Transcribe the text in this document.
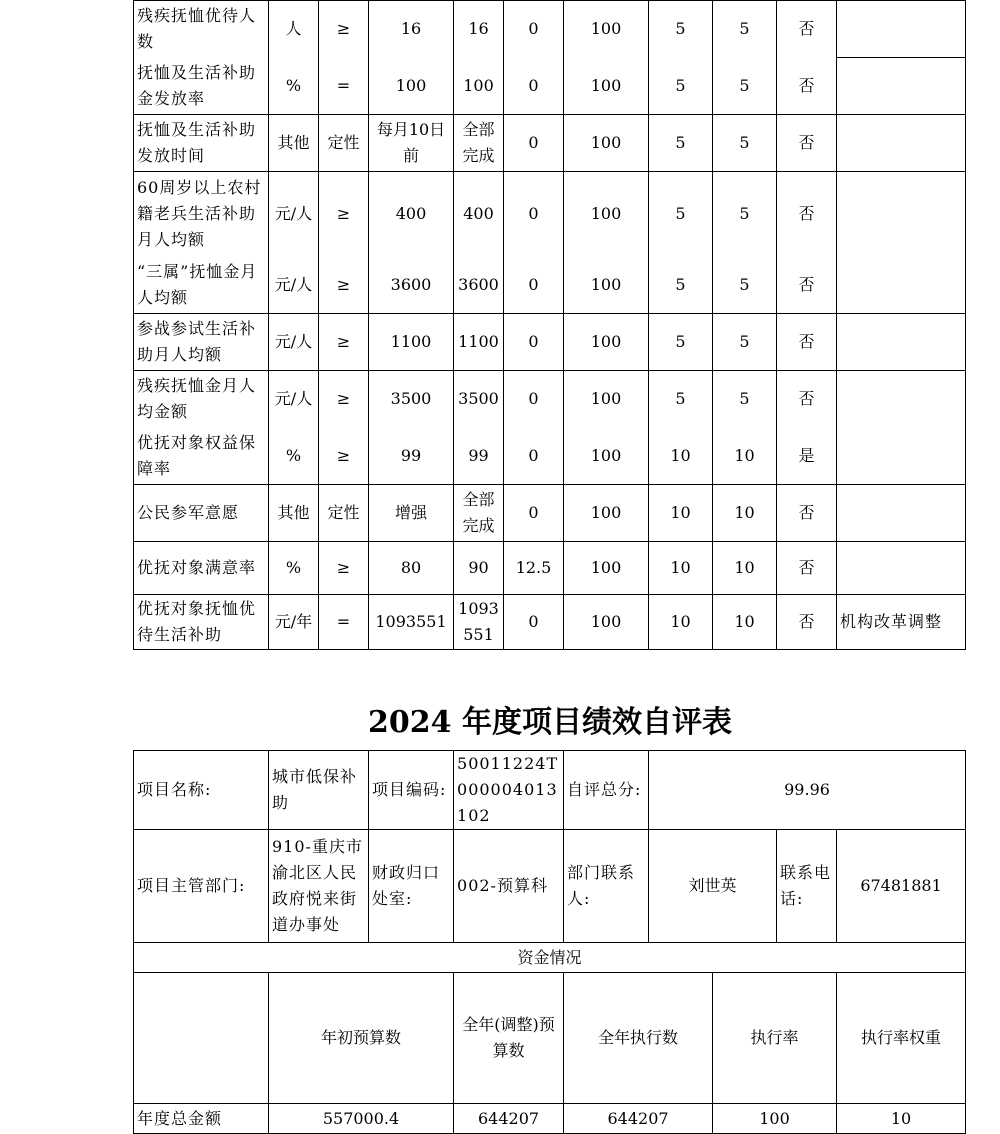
残疾抚恤优待人数	人	≥	16	16	0	100	5	5	否	
抚恤及生活补助金发放率	%	=	100	100	0	100	5	5	否	
抚恤及生活补助发放时间	其他	定性	每月10日前	全部完成	0	100	5	5	否	
60周岁以上农村籍老兵生活补助月人均额	元/人	≥	400	400	0	100	5	5	否	
“三属”抚恤金月人均额	元/人	≥	3600	3600	0	100	5	5	否	
参战参试生活补助月人均额	元/人	≥	1100	1100	0	100	5	5	否	
残疾抚恤金月人均金额	元/人	≥	3500	3500	0	100	5	5	否	
优抚对象权益保障率	%	≥	99	99	0	100	10	10	是	
公民参军意愿	其他	定性	增强	全部完成	0	100	10	10	否	
优抚对象满意率	%	≥	80	90	12.5	100	10	10	否	
优抚对象抚恤优待生活补助	元/年	=	1093551	1093551	0	100	10	10	否	机构改革调整
2024 年度项目绩效自评表
项目名称:	城市低保补助	项目编码:	50011224T000004013102	自评总分:	99.96				
项目主管部门:	910-重庆市渝北区人民政府悦来街道办事处	财政归口处室:	002-预算科	部门联系人:	刘世英		联系电话:	67481881	
资金情况									
	年初预算数		全年(调整)预算数	全年执行数		执行率		执行率权重	
年度总金额	557000.4		644207	644207		100		10	
